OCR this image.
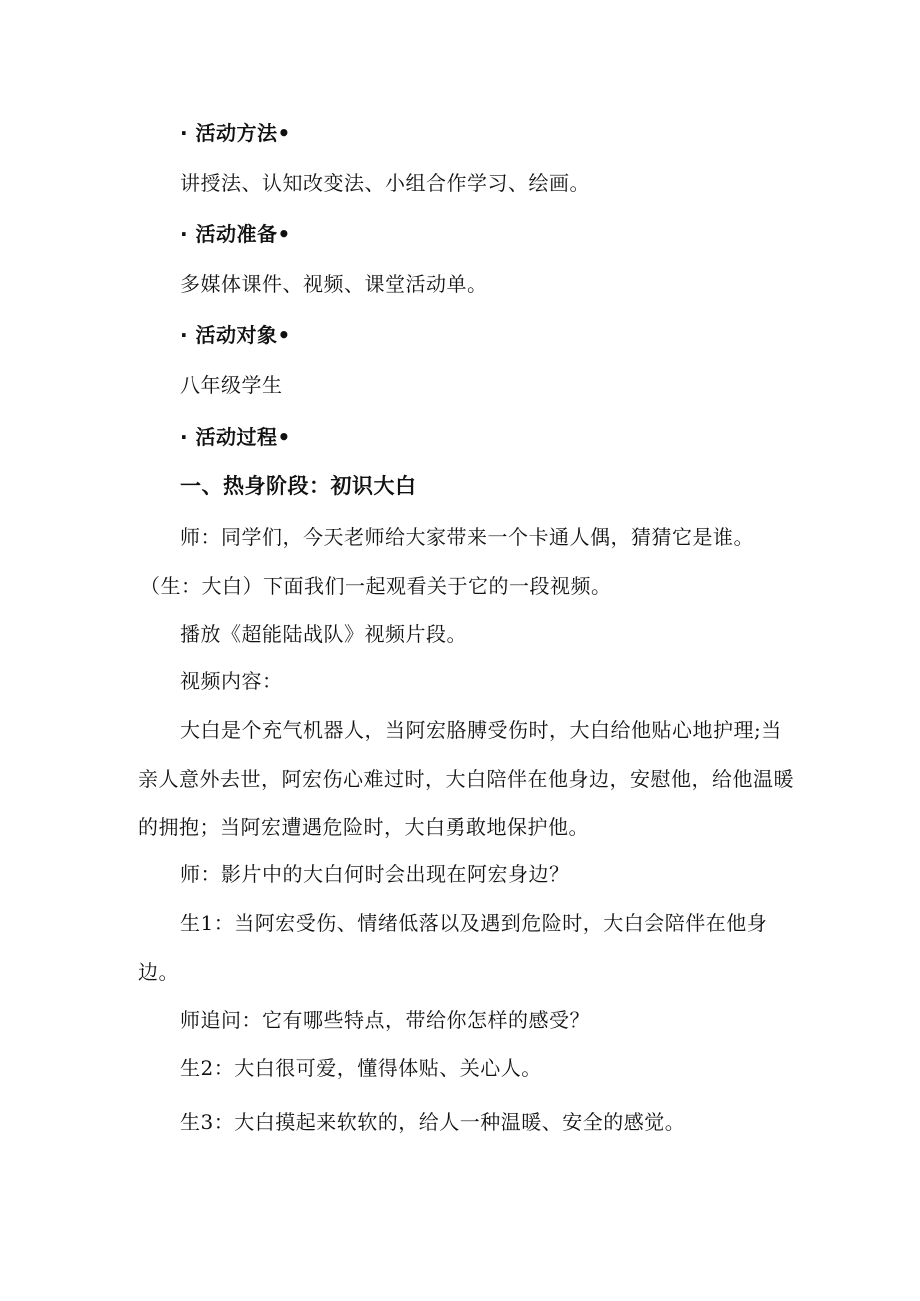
· 活动方法•
讲授法、认知改变法、小组合作学习、绘画。
· 活动准备•
多媒体课件、视频、课堂活动单。
· 活动对象•
八年级学生
· 活动过程•
一、热身阶段：初识大白
师：同学们，今天老师给大家带来一个卡通人偶，猜猜它是谁。
（生：大白）下面我们一起观看关于它的一段视频。
播放《超能陆战队》视频片段。
视频内容：
大白是个充气机器人，当阿宏胳膊受伤时，大白给他贴心地护理;当
亲人意外去世，阿宏伤心难过时，大白陪伴在他身边，安慰他，给他温暖
的拥抱；当阿宏遭遇危险时，大白勇敢地保护他。
师：影片中的大白何时会出现在阿宏身边？
生1：当阿宏受伤、情绪低落以及遇到危险时，大白会陪伴在他身
边。
师追问：它有哪些特点，带给你怎样的感受？
生2：大白很可爱，懂得体贴、关心人。
生3：大白摸起来软软的，给人一种温暖、安全的感觉。
